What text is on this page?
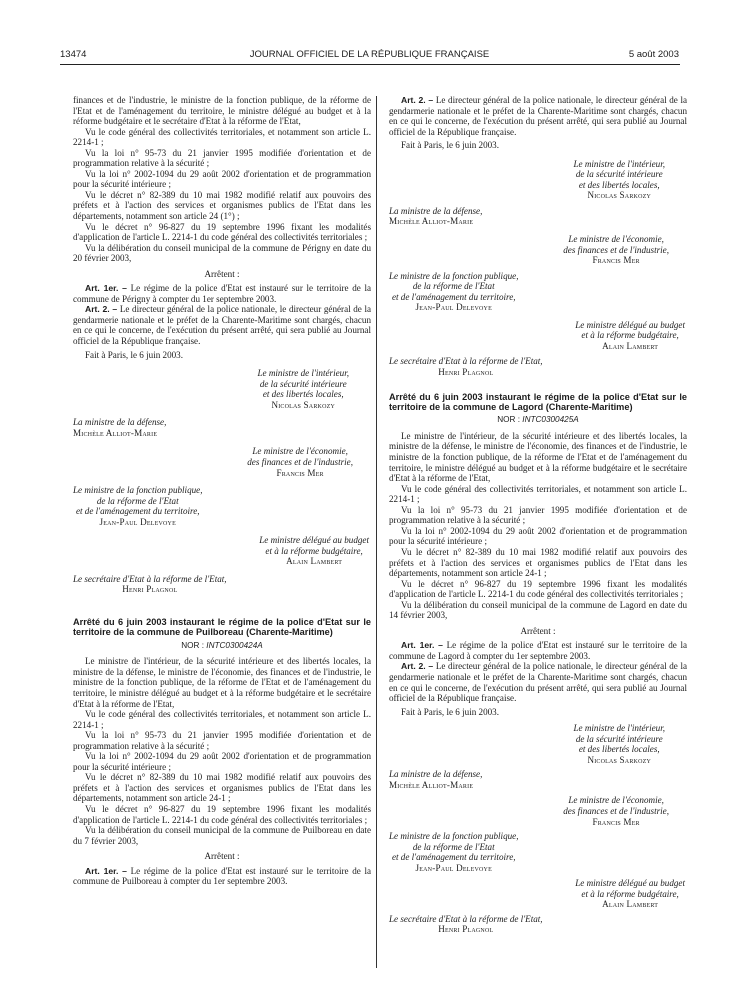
13474	JOURNAL OFFICIEL DE LA RÉPUBLIQUE FRANÇAISE	5 août 2003

finances et de l'industrie, le ministre de la fonction publique, de la réforme de l'Etat et de l'aménagement du territoire, le ministre délégué au budget et à la réforme budgétaire et le secrétaire d'Etat à la réforme de l'Etat,

Vu le code général des collectivités territoriales, et notamment son article L. 2214-1 ;

Vu la loi n° 95-73 du 21 janvier 1995 modifiée d'orientation et de programmation relative à la sécurité ;

Vu la loi n° 2002-1094 du 29 août 2002 d'orientation et de programmation pour la sécurité intérieure ;

Vu le décret n° 82-389 du 10 mai 1982 modifié relatif aux pouvoirs des préfets et à l'action des services et organismes publics de l'Etat dans les départements, notamment son article 24 (1°) ;

Vu le décret n° 96-827 du 19 septembre 1996 fixant les modalités d'application de l'article L. 2214-1 du code général des collectivités territoriales ;

Vu la délibération du conseil municipal de la commune de Périgny en date du 20 février 2003,

Arrêtent :

Art. 1er. – Le régime de la police d'Etat est instauré sur le territoire de la commune de Périgny à compter du 1er septembre 2003.

Art. 2. – Le directeur général de la police nationale, le directeur général de la gendarmerie nationale et le préfet de la Charente-Maritime sont chargés, chacun en ce qui le concerne, de l'exécution du présent arrêté, qui sera publié au Journal officiel de la République française.

Fait à Paris, le 6 juin 2003.

Le ministre de l'intérieur,
de la sécurité intérieure
et des libertés locales,
Nicolas Sarkozy
La ministre de la défense,
Michèle Alliot-Marie
Le ministre de l'économie,
des finances et de l'industrie,
Francis Mer
Le ministre de la fonction publique,
de la réforme de l'Etat
et de l'aménagement du territoire,
Jean-Paul Delevoye
Le ministre délégué au budget
et à la réforme budgétaire,
Alain Lambert
Le secrétaire d'Etat à la réforme de l'Etat,
Henri Plagnol

Arrêté du 6 juin 2003 instaurant le régime de la police d'Etat sur le territoire de la commune de Puilboreau (Charente-Maritime)

NOR : INTC0300424A

Le ministre de l'intérieur, de la sécurité intérieure et des libertés locales, la ministre de la défense, le ministre de l'économie, des finances et de l'industrie, le ministre de la fonction publique, de la réforme de l'Etat et de l'aménagement du territoire, le ministre délégué au budget et à la réforme budgétaire et le secrétaire d'Etat à la réforme de l'Etat,

Vu le code général des collectivités territoriales, et notamment son article L. 2214-1 ;

Vu la loi n° 95-73 du 21 janvier 1995 modifiée d'orientation et de programmation relative à la sécurité ;

Vu la loi n° 2002-1094 du 29 août 2002 d'orientation et de programmation pour la sécurité intérieure ;

Vu le décret n° 82-389 du 10 mai 1982 modifié relatif aux pouvoirs des préfets et à l'action des services et organismes publics de l'Etat dans les départements, notamment son article 24-1 ;

Vu le décret n° 96-827 du 19 septembre 1996 fixant les modalités d'application de l'article L. 2214-1 du code général des collectivités territoriales ;

Vu la délibération du conseil municipal de la commune de Puilboreau en date du 7 février 2003,

Arrêtent :

Art. 1er. – Le régime de la police d'Etat est instauré sur le territoire de la commune de Puilboreau à compter du 1er septembre 2003.

Art. 2. – Le directeur général de la police nationale, le directeur général de la gendarmerie nationale et le préfet de la Charente-Maritime sont chargés, chacun en ce qui le concerne, de l'exécution du présent arrêté, qui sera publié au Journal officiel de la République française.

Fait à Paris, le 6 juin 2003.

Le ministre de l'intérieur,
de la sécurité intérieure
et des libertés locales,
Nicolas Sarkozy
La ministre de la défense,
Michèle Alliot-Marie
Le ministre de l'économie,
des finances et de l'industrie,
Francis Mer
Le ministre de la fonction publique,
de la réforme de l'Etat
et de l'aménagement du territoire,
Jean-Paul Delevoye
Le ministre délégué au budget
et à la réforme budgétaire,
Alain Lambert
Le secrétaire d'Etat à la réforme de l'Etat,
Henri Plagnol

Arrêté du 6 juin 2003 instaurant le régime de la police d'Etat sur le territoire de la commune de Lagord (Charente-Maritime)

NOR : INTC0300425A

Le ministre de l'intérieur, de la sécurité intérieure et des libertés locales, la ministre de la défense, le ministre de l'économie, des finances et de l'industrie, le ministre de la fonction publique, de la réforme de l'Etat et de l'aménagement du territoire, le ministre délégué au budget et à la réforme budgétaire et le secrétaire d'Etat à la réforme de l'Etat,

Vu le code général des collectivités territoriales, et notamment son article L. 2214-1 ;

Vu la loi n° 95-73 du 21 janvier 1995 modifiée d'orientation et de programmation relative à la sécurité ;

Vu la loi n° 2002-1094 du 29 août 2002 d'orientation et de programmation pour la sécurité intérieure ;

Vu le décret n° 82-389 du 10 mai 1982 modifié relatif aux pouvoirs des préfets et à l'action des services et organismes publics de l'Etat dans les départements, notamment son article 24-1 ;

Vu le décret n° 96-827 du 19 septembre 1996 fixant les modalités d'application de l'article L. 2214-1 du code général des collectivités territoriales ;

Vu la délibération du conseil municipal de la commune de Lagord en date du 14 février 2003,

Arrêtent :

Art. 1er. – Le régime de la police d'Etat est instauré sur le territoire de la commune de Lagord à compter du 1er septembre 2003.

Art. 2. – Le directeur général de la police nationale, le directeur général de la gendarmerie nationale et le préfet de la Charente-Maritime sont chargés, chacun en ce qui le concerne, de l'exécution du présent arrêté, qui sera publié au Journal officiel de la République française.

Fait à Paris, le 6 juin 2003.

Le ministre de l'intérieur,
de la sécurité intérieure
et des libertés locales,
Nicolas Sarkozy
La ministre de la défense,
Michèle Alliot-Marie
Le ministre de l'économie,
des finances et de l'industrie,
Francis Mer
Le ministre de la fonction publique,
de la réforme de l'Etat
et de l'aménagement du territoire,
Jean-Paul Delevoye
Le ministre délégué au budget
et à la réforme budgétaire,
Alain Lambert
Le secrétaire d'Etat à la réforme de l'Etat,
Henri Plagnol
